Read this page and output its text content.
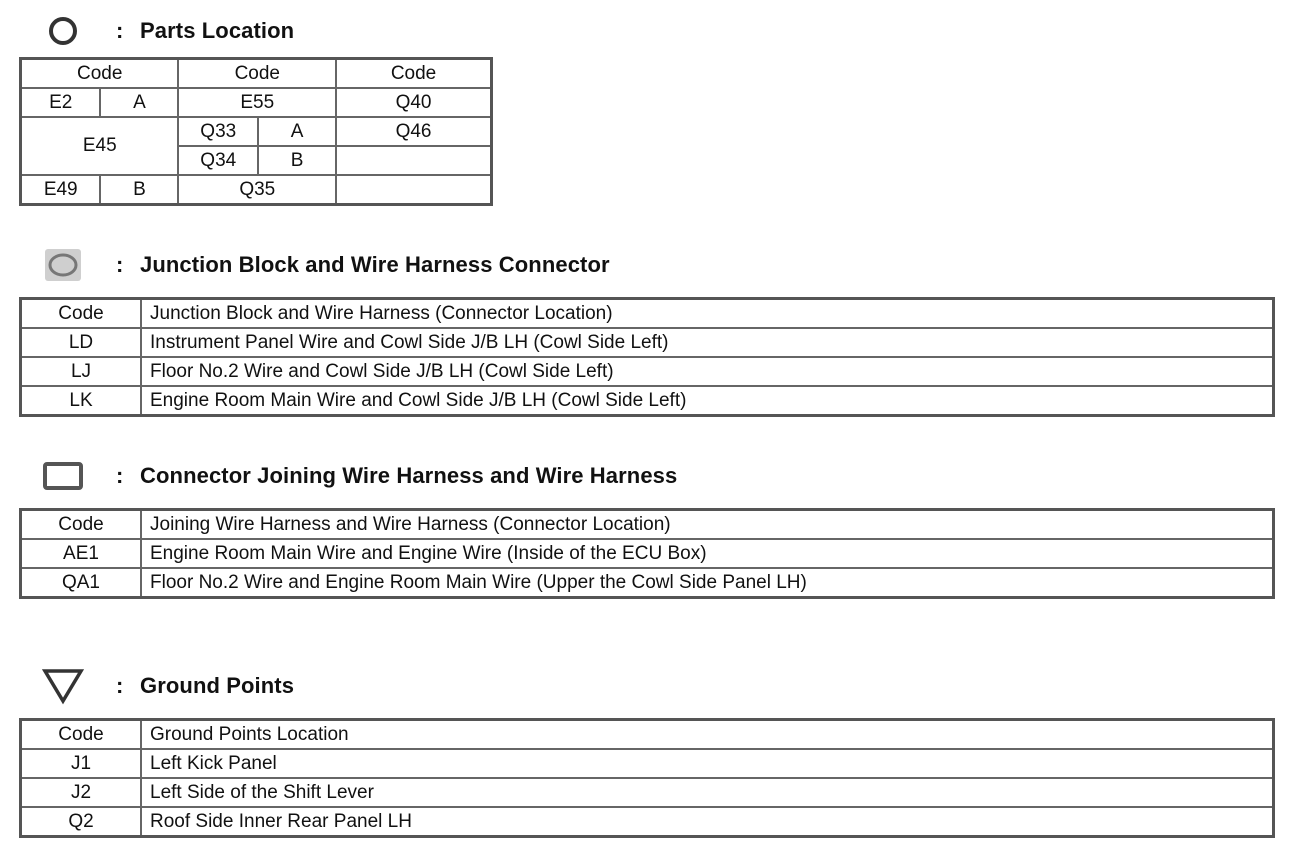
: Parts Location
Code		Code		Code
E2	A	E55		Q40
E45		Q33	A	Q46
		Q34	B	
E49	B	Q35		
: Junction Block and Wire Harness Connector
Code	Junction Block and Wire Harness (Connector Location)
LD	Instrument Panel Wire and Cowl Side J/B LH (Cowl Side Left)
LJ	Floor No.2 Wire and Cowl Side J/B LH (Cowl Side Left)
LK	Engine Room Main Wire and Cowl Side J/B LH (Cowl Side Left)
: Connector Joining Wire Harness and Wire Harness
Code	Joining Wire Harness and Wire Harness (Connector Location)
AE1	Engine Room Main Wire and Engine Wire (Inside of the ECU Box)
QA1	Floor No.2 Wire and Engine Room Main Wire (Upper the Cowl Side Panel LH)
: Ground Points
Code	Ground Points Location
J1	Left Kick Panel
J2	Left Side of the Shift Lever
Q2	Roof Side Inner Rear Panel LH
